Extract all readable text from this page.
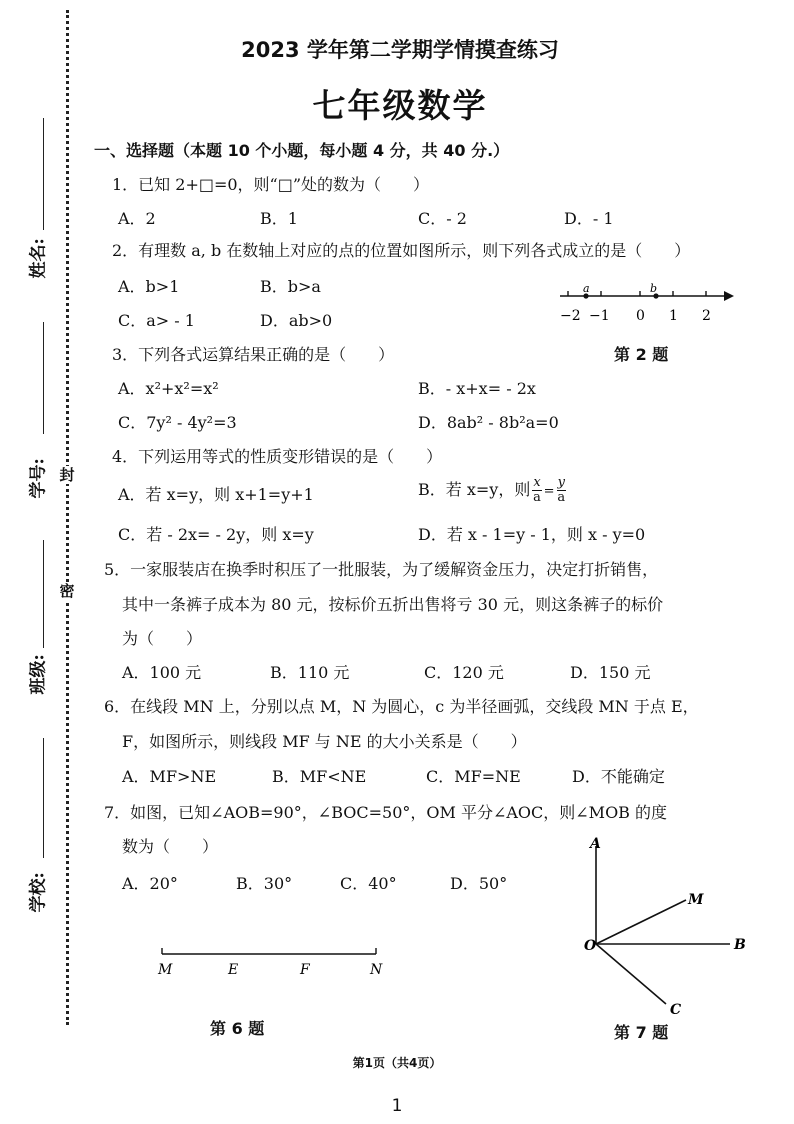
封
密
姓名:
学号:
班级:
学校:
2023 学年第二学期学情摸查练习
七年级数学
一、选择题（本题 10 个小题，每小题 4 分，共 40 分.）
1．已知 2+□=0，则“□”处的数为（　　）
A．2	B．1	C．- 2	D．- 1
2．有理数 a, b 在数轴上对应的点的位置如图所示，则下列各式成立的是（　　）
A．b>1	B．b>a
C．a> - 1	D．ab>0
a	b
−2 −1 0 1 2
第 2 题
3．下列各式运算结果正确的是（　　）
A．x²+x²=x²	B．- x+x= - 2x
C．7y² - 4y²=3	D．8ab² - 8b²a=0
4．下列运用等式的性质变形错误的是（　　）
A．若 x=y，则 x+1=y+1	B．若 x=y，则 $\frac{x}{a} = \frac{y}{a}$
C．若 - 2x= - 2y，则 x=y	D．若 x - 1=y - 1，则 x - y=0
5．一家服装店在换季时积压了一批服装，为了缓解资金压力，决定打折销售，
其中一条裤子成本为 80 元，按标价五折出售将亏 30 元，则这条裤子的标价
为（　　）
A．100 元	B．110 元	C．120 元	D．150 元
6．在线段 MN 上，分别以点 M，N 为圆心，c 为半径画弧，交线段 MN 于点 E，
F，如图所示，则线段 MF 与 NE 的大小关系是（　　）
A．MF>NE	B．MF<NE	C．MF=NE	D．不能确定
7．如图，已知∠AOB=90°，∠BOC=50°，OM 平分∠AOC，则∠MOB 的度
数为（　　）
A．20°	B．30°	C．40°	D．50°
M	E	F	N
第 6 题
A
M
O	B
C
第 7 题
第1页（共4页）
1
